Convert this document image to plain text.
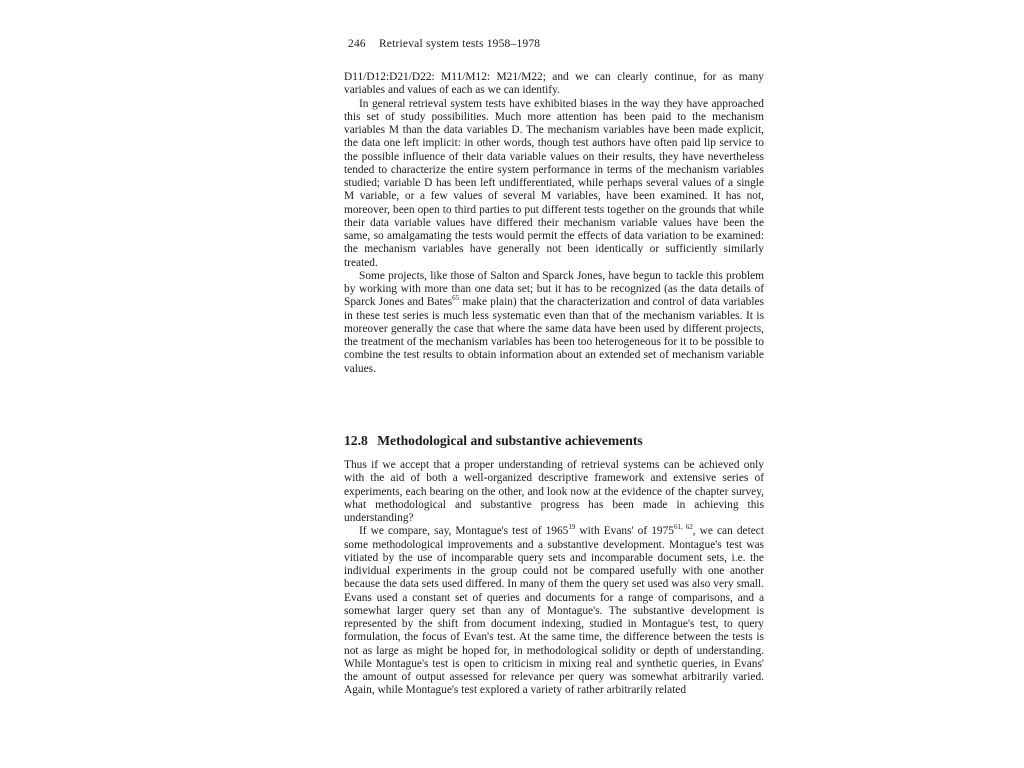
246 Retrieval system tests 1958–1978

D11/D12:D21/D22: M11/M12: M21/M22; and we can clearly continue, for as many variables and values of each as we can identify.

In general retrieval system tests have exhibited biases in the way they have approached this set of study possibilities. Much more attention has been paid to the mechanism variables M than the data variables D. The mechanism variables have been made explicit, the data one left implicit: in other words, though test authors have often paid lip service to the possible influence of their data variable values on their results, they have nevertheless tended to characterize the entire system performance in terms of the mechanism variables studied; variable D has been left undifferentiated, while perhaps several values of a single M variable, or a few values of several M variables, have been examined. It has not, moreover, been open to third parties to put different tests together on the grounds that while their data variable values have differed their mechanism variable values have been the same, so amalgamating the tests would permit the effects of data variation to be examined: the mechanism variables have generally not been identically or sufficiently similarly treated.

Some projects, like those of Salton and Sparck Jones, have begun to tackle this problem by working with more than one data set; but it has to be recognized (as the data details of Sparck Jones and Bates$^{65}$ make plain) that the characterization and control of data variables in these test series is much less systematic even than that of the mechanism variables. It is moreover generally the case that where the same data have been used by different projects, the treatment of the mechanism variables has been too heterogeneous for it to be possible to combine the test results to obtain information about an extended set of mechanism variable values.

12.8 Methodological and substantive achievements

Thus if we accept that a proper understanding of retrieval systems can be achieved only with the aid of both a well-organized descriptive framework and extensive series of experiments, each bearing on the other, and look now at the evidence of the chapter survey, what methodological and substantive progress has been made in achieving this understanding?

If we compare, say, Montague's test of 1965$^{19}$ with Evans' of 1975$^{61, 62}$, we can detect some methodological improvements and a substantive development. Montague's test was vitiated by the use of incomparable query sets and incomparable document sets, i.e. the individual experiments in the group could not be compared usefully with one another because the data sets used differed. In many of them the query set used was also very small. Evans used a constant set of queries and documents for a range of comparisons, and a somewhat larger query set than any of Montague's. The substantive development is represented by the shift from document indexing, studied in Montague's test, to query formulation, the focus of Evan's test. At the same time, the difference between the tests is not as large as might be hoped for, in methodological solidity or depth of understanding. While Montague's test is open to criticism in mixing real and synthetic queries, in Evans' the amount of output assessed for relevance per query was somewhat arbitrarily varied. Again, while Montague's test explored a variety of rather arbitrarily related
